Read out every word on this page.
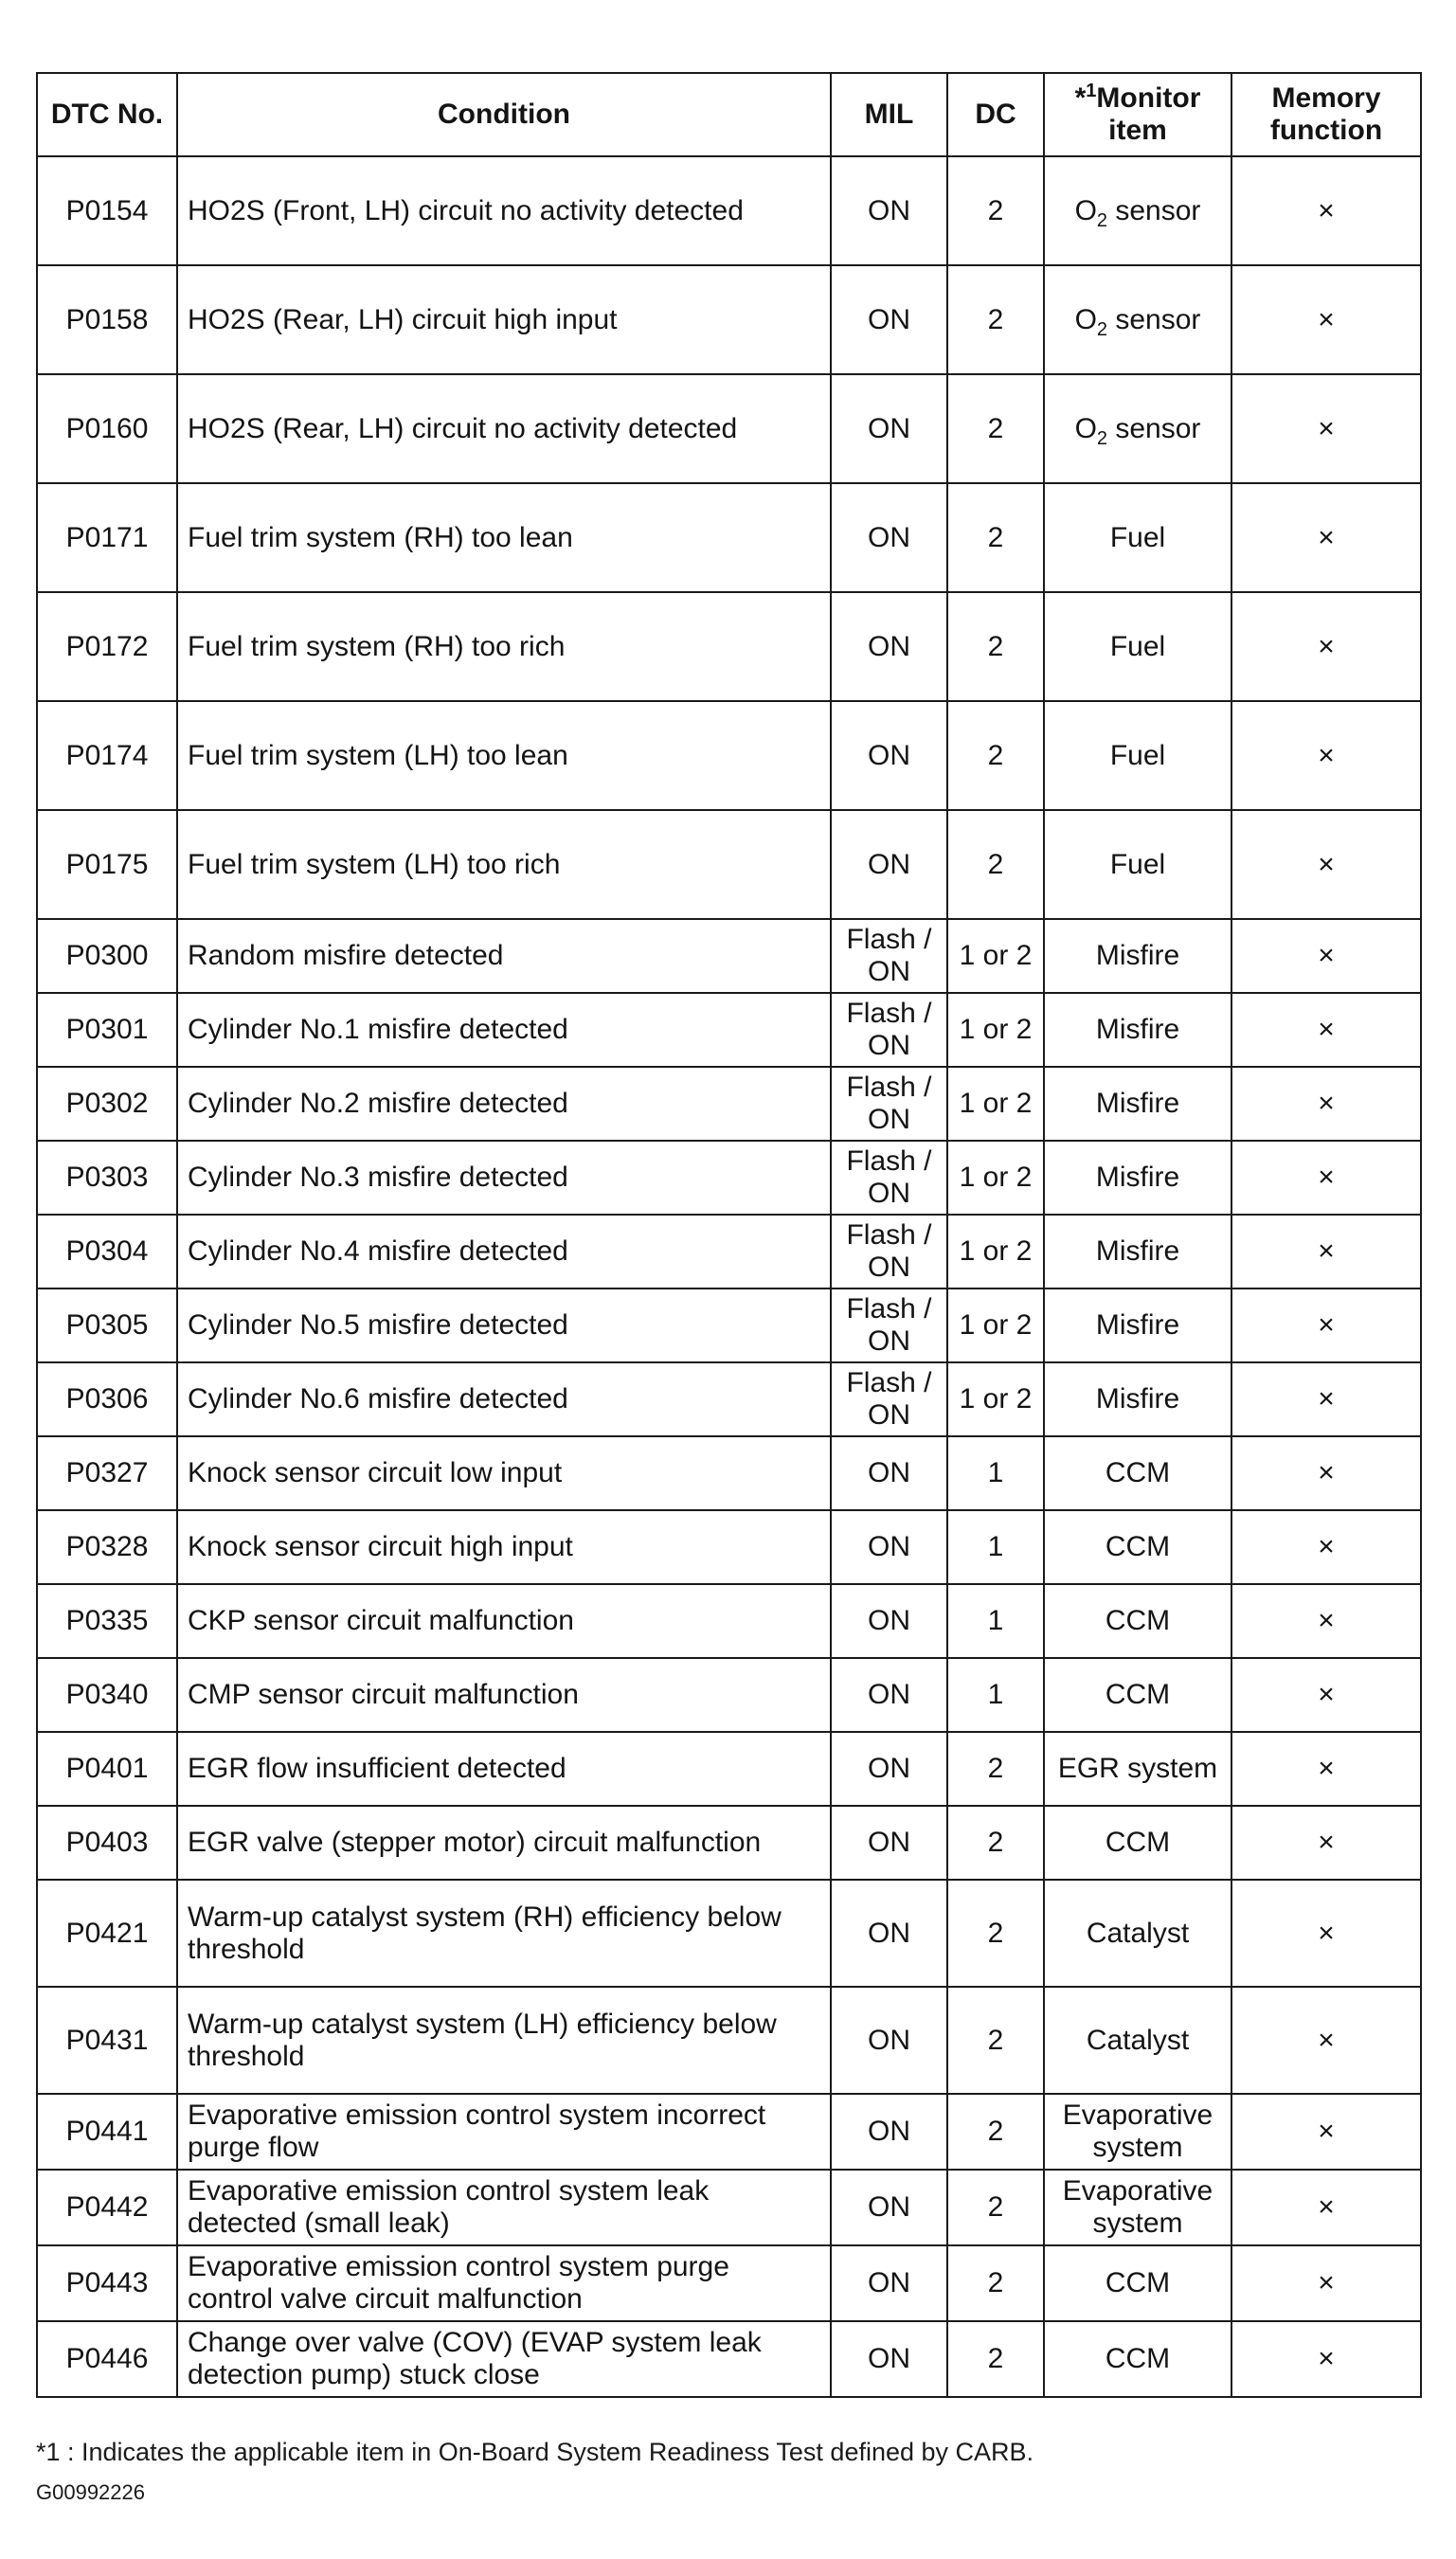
DTC No.	Condition	MIL	DC	*$^1$Monitor item	Memory function
P0154	HO2S (Front, LH) circuit no activity detected	ON	2	$O_2$ sensor	×
P0158	HO2S (Rear, LH) circuit high input	ON	2	$O_2$ sensor	×
P0160	HO2S (Rear, LH) circuit no activity detected	ON	2	$O_2$ sensor	×
P0171	Fuel trim system (RH) too lean	ON	2	Fuel	×
P0172	Fuel trim system (RH) too rich	ON	2	Fuel	×
P0174	Fuel trim system (LH) too lean	ON	2	Fuel	×
P0175	Fuel trim system (LH) too rich	ON	2	Fuel	×
P0300	Random misfire detected	Flash / ON	1 or 2	Misfire	×
P0301	Cylinder No.1 misfire detected	Flash / ON	1 or 2	Misfire	×
P0302	Cylinder No.2 misfire detected	Flash / ON	1 or 2	Misfire	×
P0303	Cylinder No.3 misfire detected	Flash / ON	1 or 2	Misfire	×
P0304	Cylinder No.4 misfire detected	Flash / ON	1 or 2	Misfire	×
P0305	Cylinder No.5 misfire detected	Flash / ON	1 or 2	Misfire	×
P0306	Cylinder No.6 misfire detected	Flash / ON	1 or 2	Misfire	×
P0327	Knock sensor circuit low input	ON	1	CCM	×
P0328	Knock sensor circuit high input	ON	1	CCM	×
P0335	CKP sensor circuit malfunction	ON	1	CCM	×
P0340	CMP sensor circuit malfunction	ON	1	CCM	×
P0401	EGR flow insufficient detected	ON	2	EGR system	×
P0403	EGR valve (stepper motor) circuit malfunction	ON	2	CCM	×
P0421	Warm-up catalyst system (RH) efficiency below threshold	ON	2	Catalyst	×
P0431	Warm-up catalyst system (LH) efficiency below threshold	ON	2	Catalyst	×
P0441	Evaporative emission control system incorrect purge flow	ON	2	Evaporative system	×
P0442	Evaporative emission control system leak detected (small leak)	ON	2	Evaporative system	×
P0443	Evaporative emission control system purge control valve circuit malfunction	ON	2	CCM	×
P0446	Change over valve (COV) (EVAP system leak detection pump) stuck close	ON	2	CCM	×
*1 : Indicates the applicable item in On-Board System Readiness Test defined by CARB.
G00992226
